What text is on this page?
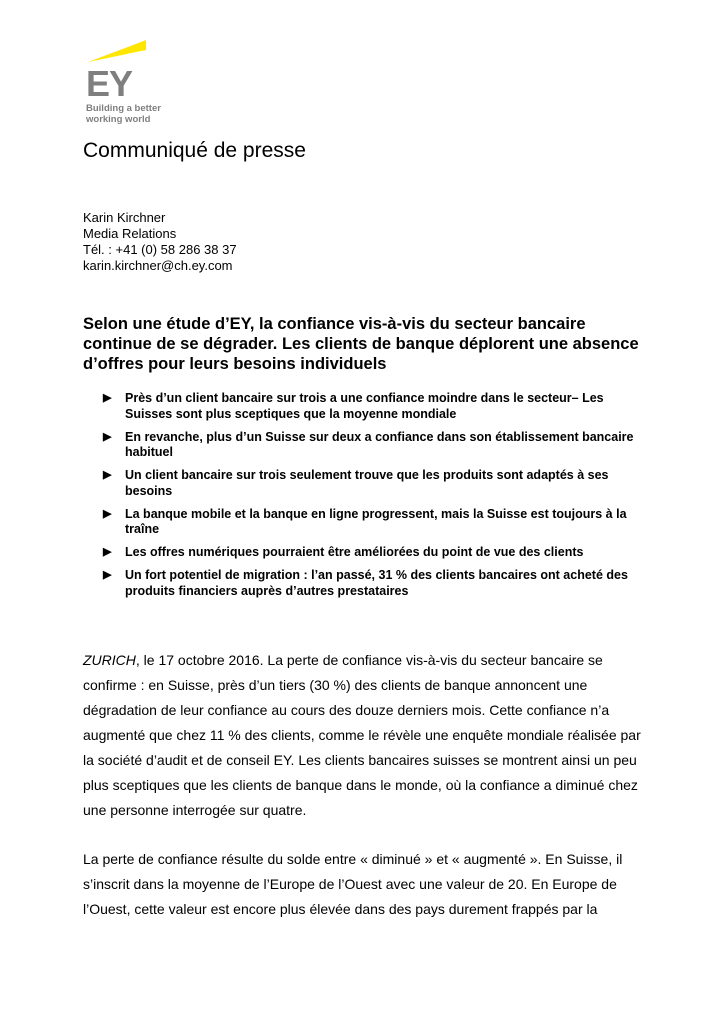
EY
Building a better working world
Communiqué de presse
Karin Kirchner
Media Relations
Tél. : +41 (0) 58 286 38 37
karin.kirchner@ch.ey.com
Selon une étude d’EY, la confiance vis-à-vis du secteur bancaire continue de se dégrader. Les clients de banque déplorent une absence d’offres pour leurs besoins individuels
▶ Près d’un client bancaire sur trois a une confiance moindre dans le secteur– Les Suisses sont plus sceptiques que la moyenne mondiale
▶ En revanche, plus d’un Suisse sur deux a confiance dans son établissement bancaire habituel
▶ Un client bancaire sur trois seulement trouve que les produits sont adaptés à ses besoins
▶ La banque mobile et la banque en ligne progressent, mais la Suisse est toujours à la traîne
▶ Les offres numériques pourraient être améliorées du point de vue des clients
▶ Un fort potentiel de migration : l’an passé, 31 % des clients bancaires ont acheté des produits financiers auprès d’autres prestataires

ZURICH, le 17 octobre 2016. La perte de confiance vis-à-vis du secteur bancaire se confirme : en Suisse, près d’un tiers (30 %) des clients de banque annoncent une dégradation de leur confiance au cours des douze derniers mois. Cette confiance n’a augmenté que chez 11 % des clients, comme le révèle une enquête mondiale réalisée par la société d’audit et de conseil EY. Les clients bancaires suisses se montrent ainsi un peu plus sceptiques que les clients de banque dans le monde, où la confiance a diminué chez une personne interrogée sur quatre.

La perte de confiance résulte du solde entre « diminué » et « augmenté ». En Suisse, il s’inscrit dans la moyenne de l’Europe de l’Ouest avec une valeur de 20. En Europe de l’Ouest, cette valeur est encore plus élevée dans des pays durement frappés par la
